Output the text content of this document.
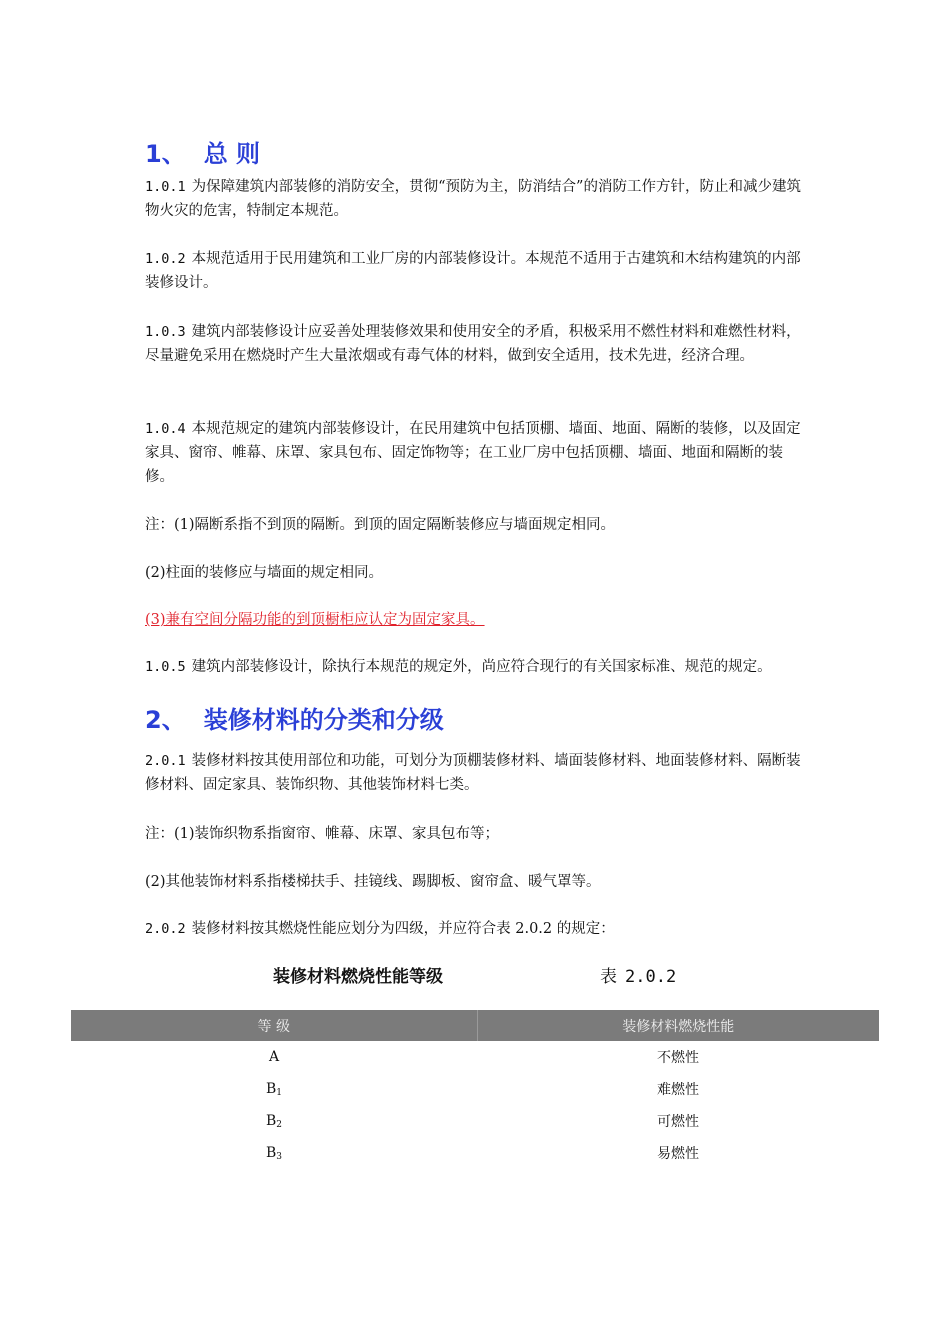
1、 总 则
1.0.1 为保障建筑内部装修的消防安全，贯彻“预防为主，防消结合”的消防工作方针，防止和减少建筑物火灾的危害，特制定本规范。
1.0.2 本规范适用于民用建筑和工业厂房的内部装修设计。本规范不适用于古建筑和木结构建筑的内部装修设计。
1.0.3 建筑内部装修设计应妥善处理装修效果和使用安全的矛盾，积极采用不燃性材料和难燃性材料，尽量避免采用在燃烧时产生大量浓烟或有毒气体的材料，做到安全适用，技术先进，经济合理。
1.0.4 本规范规定的建筑内部装修设计，在民用建筑中包括顶棚、墙面、地面、隔断的装修，以及固定家具、窗帘、帷幕、床罩、家具包布、固定饰物等；在工业厂房中包括顶棚、墙面、地面和隔断的装修。
注：(1)隔断系指不到顶的隔断。到顶的固定隔断装修应与墙面规定相同。
(2)柱面的装修应与墙面的规定相同。
(3)兼有空间分隔功能的到顶橱柜应认定为固定家具。
1.0.5 建筑内部装修设计，除执行本规范的规定外，尚应符合现行的有关国家标准、规范的规定。
2、 装修材料的分类和分级
2.0.1 装修材料按其使用部位和功能，可划分为顶棚装修材料、墙面装修材料、地面装修材料、隔断装修材料、固定家具、装饰织物、其他装饰材料七类。
注：(1)装饰织物系指窗帘、帷幕、床罩、家具包布等；
(2)其他装饰材料系指楼梯扶手、挂镜线、踢脚板、窗帘盒、暖气罩等。
2.0.2 装修材料按其燃烧性能应划分为四级，并应符合表 2.0.2 的规定：
装修材料燃烧性能等级	表 2.0.2
等 级	装修材料燃烧性能
A	不燃性
$B_1$	难燃性
$B_2$	可燃性
$B_3$	易燃性
